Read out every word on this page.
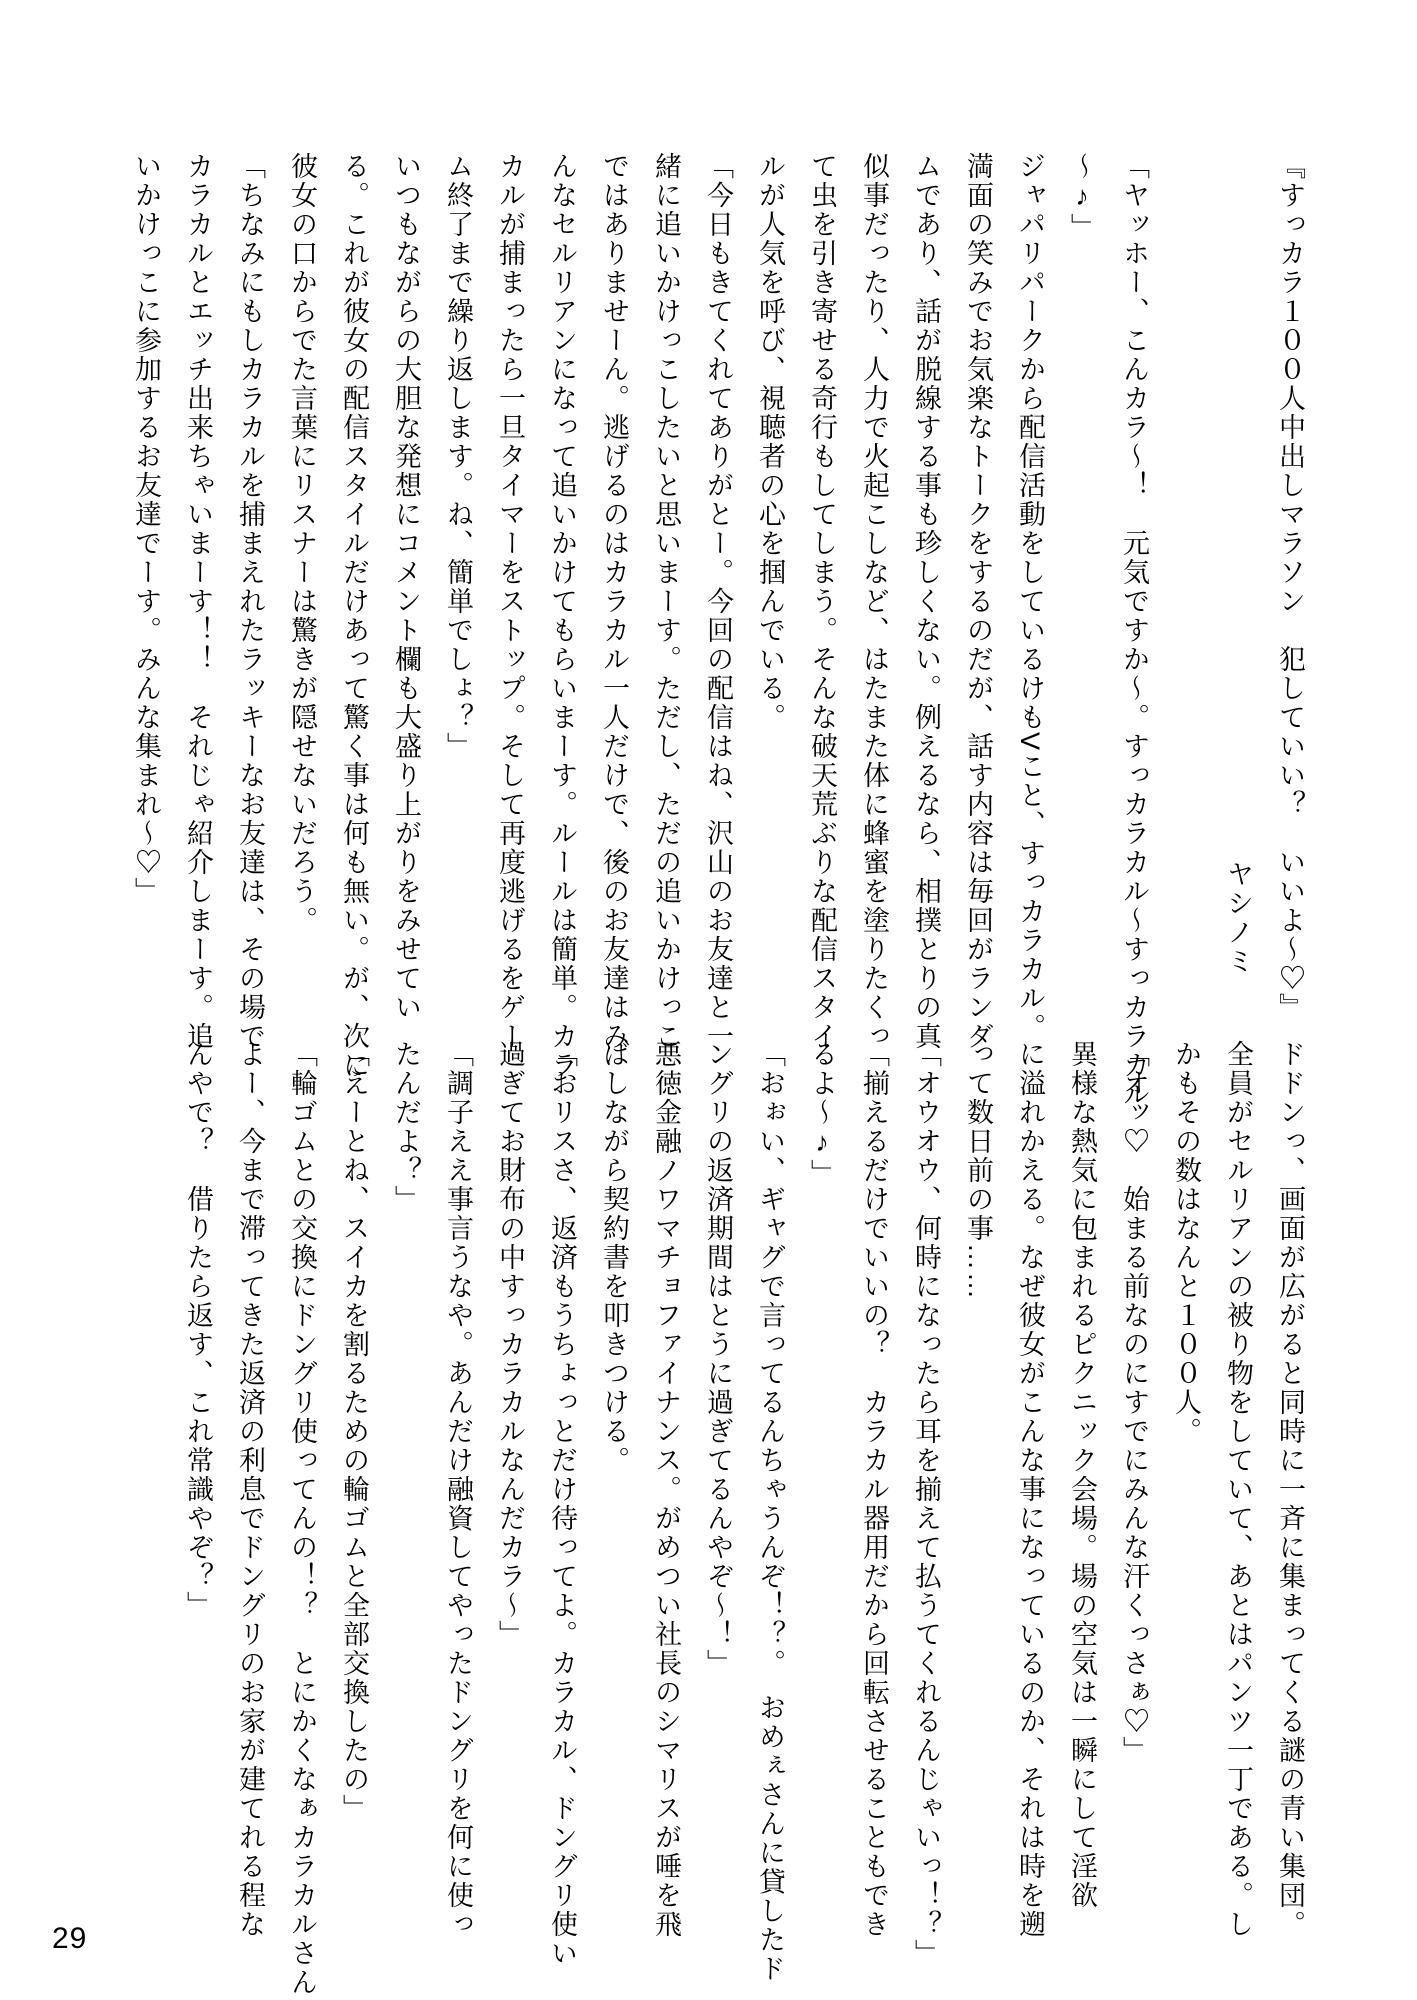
『すっカラ１００人中出しマラソン　犯していい？　いいよ〜♡』
ヤシノミ
「ヤッホー、こんカラ〜！　元気ですか〜。すっカラカル〜すっカラカル
〜♪」
ジャパリパークから配信活動をしているけもVこと、すっカラカル。
満面の笑みでお気楽なトークをするのだが、話す内容は毎回がランダ
ムであり、話が脱線する事も珍しくない。例えるなら、相撲とりの真
似事だったり、人力で火起こしなど、はたまた体に蜂蜜を塗りたくっ
て虫を引き寄せる奇行もしてしまう。そんな破天荒ぶりな配信スタイ
ルが人気を呼び、視聴者の心を掴んでいる。
「今日もきてくれてありがとー。今回の配信はね、沢山のお友達と一
緒に追いかけっこしたいと思いまーす。ただし、ただの追いかけっこ
ではありませーん。逃げるのはカラカル一人だけで、後のお友達はみ
んなセルリアンになって追いかけてもらいまーす。ルールは簡単。カラ
カルが捕まったら一旦タイマーをストップ。そして再度逃げるをゲー
ム終了まで繰り返します。ね、簡単でしょ？」
いつもながらの大胆な発想にコメント欄も大盛り上がりをみせてい
る。これが彼女の配信スタイルだけあって驚く事は何も無い。が、次に
彼女の口からでた言葉にリスナーは驚きが隠せないだろう。
「ちなみにもしカラカルを捕まえれたラッキーなお友達は、その場で
カラカルとエッチ出来ちゃいまーす！！　それじゃ紹介しまーす。追
いかけっこに参加するお友達でーす。みんな集まれ〜♡」
ドドンっ、画面が広がると同時に一斉に集まってくる謎の青い集団。
全員がセルリアンの被り物をしていて、あとはパンツ一丁である。し
かもその数はなんと１００人。
「オッ♡　始まる前なのにすでにみんな汗くっさぁ♡」
異様な熱気に包まれるピクニック会場。場の空気は一瞬にして淫欲
に溢れかえる。なぜ彼女がこんな事になっているのか、それは時を遡
って数日前の事……
「オウオウ、何時になったら耳を揃えて払うてくれるんじゃいっ！？」
「揃えるだけでいいの？　カラカル器用だから回転させることもでき
るよ〜♪」
「おぉい、ギャグで言ってるんちゃうんぞ！？。　おめぇさんに貸したド
ングリの返済期間はとうに過ぎてるんやぞ〜！」
悪徳金融ノワマチョファイナンス。がめつい社長のシマリスが唾を飛
ばしながら契約書を叩きつける。
「おリスさ、返済もうちょっとだけ待ってよ。カラカル、ドングリ使い
過ぎてお財布の中すっカラカルなんだカラ〜」
「調子ええ事言うなや。あんだけ融資してやったドングリを何に使っ
たんだよ？」
「えーとね、スイカを割るための輪ゴムと全部交換したの」
「輪ゴムとの交換にドングリ使ってんの！？　とにかくなぁカラカルさん
よー、今まで滞ってきた返済の利息でドングリのお家が建てれる程な
んやで？　借りたら返す、これ常識やぞ？」
29
